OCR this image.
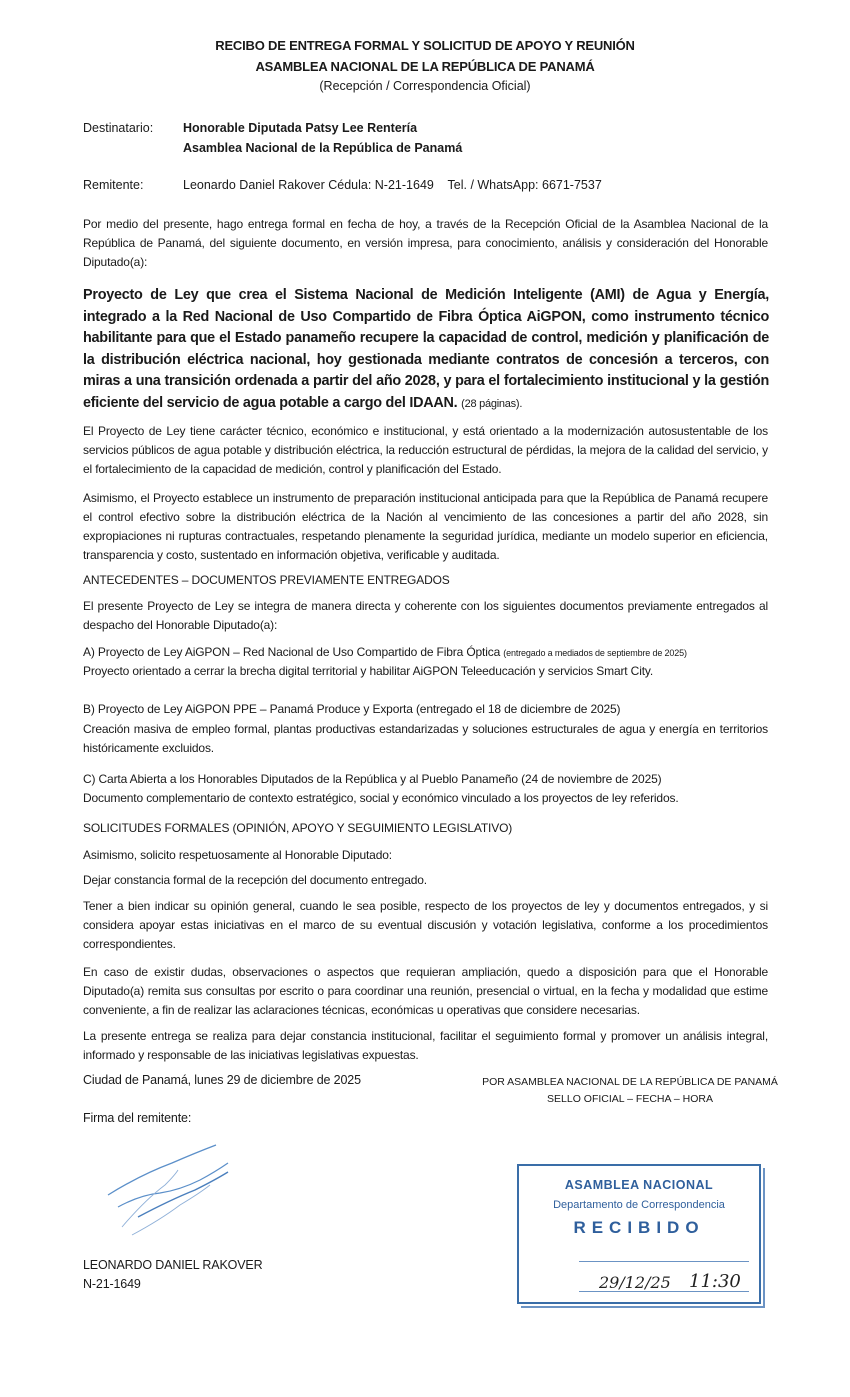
RECIBO DE ENTREGA FORMAL Y SOLICITUD DE APOYO Y REUNIÓN
ASAMBLEA NACIONAL DE LA REPÚBLICA DE PANAMÁ
(Recepción / Correspondencia Oficial)
Destinatario: Honorable Diputada Patsy Lee Rentería
Asamblea Nacional de la República de Panamá
Remitente:	Leonardo Daniel Rakover Cédula: N-21-1649    Tel. / WhatsApp: 6671-7537
Por medio del presente, hago entrega formal en fecha de hoy, a través de la Recepción Oficial de la Asamblea Nacional de la República de Panamá, del siguiente documento, en versión impresa, para conocimiento, análisis y consideración del Honorable Diputado(a):
Proyecto de Ley que crea el Sistema Nacional de Medición Inteligente (AMI) de Agua y Energía, integrado a la Red Nacional de Uso Compartido de Fibra Óptica AiGPON, como instrumento técnico habilitante para que el Estado panameño recupere la capacidad de control, medición y planificación de la distribución eléctrica nacional, hoy gestionada mediante contratos de concesión a terceros, con miras a una transición ordenada a partir del año 2028, y para el fortalecimiento institucional y la gestión eficiente del servicio de agua potable a cargo del IDAAN. (28 páginas).
El Proyecto de Ley tiene carácter técnico, económico e institucional, y está orientado a la modernización autosustentable de los servicios públicos de agua potable y distribución eléctrica, la reducción estructural de pérdidas, la mejora de la calidad del servicio, y el fortalecimiento de la capacidad de medición, control y planificación del Estado.
Asimismo, el Proyecto establece un instrumento de preparación institucional anticipada para que la República de Panamá recupere el control efectivo sobre la distribución eléctrica de la Nación al vencimiento de las concesiones a partir del año 2028, sin expropiaciones ni rupturas contractuales, respetando plenamente la seguridad jurídica, mediante un modelo superior en eficiencia, transparencia y costo, sustentado en información objetiva, verificable y auditada.
ANTECEDENTES – DOCUMENTOS PREVIAMENTE ENTREGADOS
El presente Proyecto de Ley se integra de manera directa y coherente con los siguientes documentos previamente entregados al despacho del Honorable Diputado(a):
A) Proyecto de Ley AiGPON – Red Nacional de Uso Compartido de Fibra Óptica (entregado a mediados de septiembre de 2025)
Proyecto orientado a cerrar la brecha digital territorial y habilitar AiGPON Teleeducación y servicios Smart City.
B) Proyecto de Ley AiGPON PPE – Panamá Produce y Exporta (entregado el 18 de diciembre de 2025)
Creación masiva de empleo formal, plantas productivas estandarizadas y soluciones estructurales de agua y energía en territorios históricamente excluidos.
C) Carta Abierta a los Honorables Diputados de la República y al Pueblo Panameño (24 de noviembre de 2025)
Documento complementario de contexto estratégico, social y económico vinculado a los proyectos de ley referidos.
SOLICITUDES FORMALES (OPINIÓN, APOYO Y SEGUIMIENTO LEGISLATIVO)
Asimismo, solicito respetuosamente al Honorable Diputado:
Dejar constancia formal de la recepción del documento entregado.
Tener a bien indicar su opinión general, cuando le sea posible, respecto de los proyectos de ley y documentos entregados, y si considera apoyar estas iniciativas en el marco de su eventual discusión y votación legislativa, conforme a los procedimientos correspondientes.
En caso de existir dudas, observaciones o aspectos que requieran ampliación, quedo a disposición para que el Honorable Diputado(a) remita sus consultas por escrito o para coordinar una reunión, presencial o virtual, en la fecha y modalidad que estime conveniente, a fin de realizar las aclaraciones técnicas, económicas u operativas que considere necesarias.
La presente entrega se realiza para dejar constancia institucional, facilitar el seguimiento formal y promover un análisis integral, informado y responsable de las iniciativas legislativas expuestas.
Ciudad de Panamá, lunes 29 de diciembre de 2025	POR ASAMBLEA NACIONAL DE LA REPÚBLICA DE PANAMÁ
SELLO OFICIAL – FECHA – HORA
Firma del remitente:
LEONARDO DANIEL RAKOVER
N-21-1649
ASAMBLEA NACIONAL
Departamento de Correspondencia
RECIBIDO
29/12/25 11:30
